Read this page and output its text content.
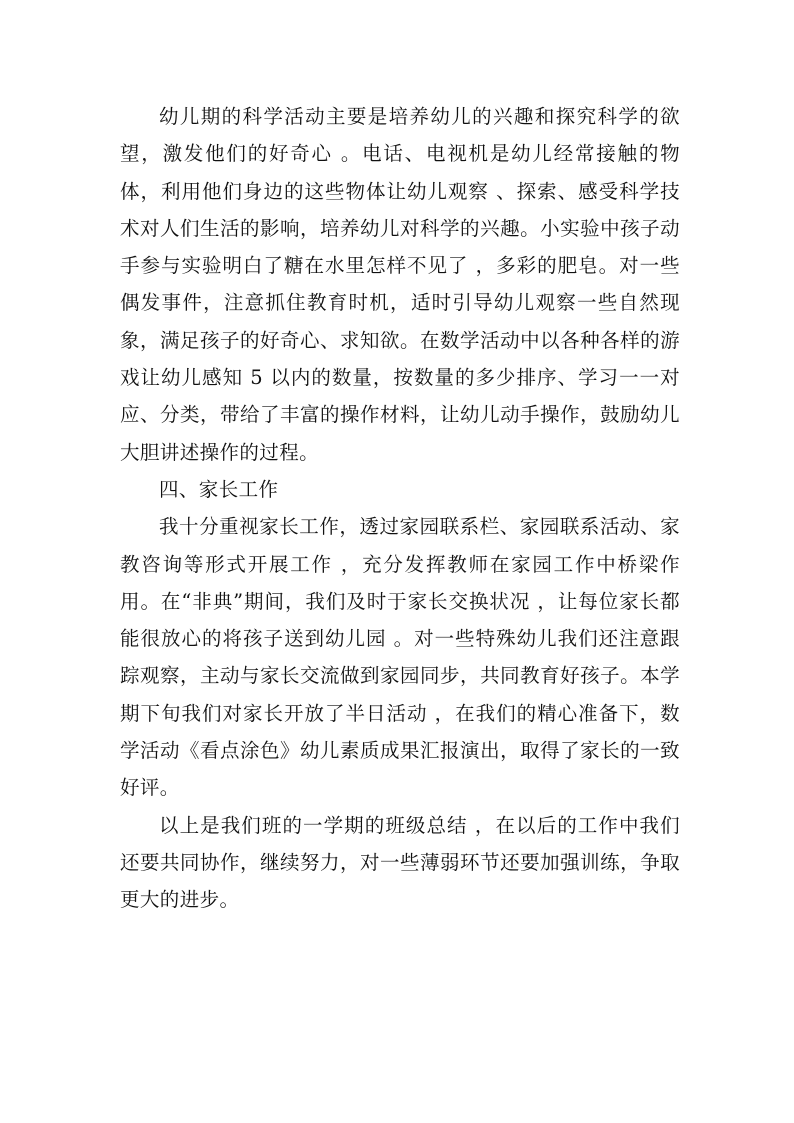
幼儿期的科学活动主要是培养幼儿的兴趣和探究科学的欲望，激发他们的好奇心 。电话、电视机是幼儿经常接触的物体，利用他们身边的这些物体让幼儿观察 、探索、感受科学技术对人们生活的影响，培养幼儿对科学的兴趣。小实验中孩子动手参与实验明白了糖在水里怎样不见了 ，多彩的肥皂。对一些偶发事件，注意抓住教育时机，适时引导幼儿观察一些自然现象，满足孩子的好奇心、求知欲。在数学活动中以各种各样的游戏让幼儿感知 5 以内的数量，按数量的多少排序、学习一一对应、分类，带给了丰富的操作材料，让幼儿动手操作，鼓励幼儿大胆讲述操作的过程。

四、家长工作

我十分重视家长工作，透过家园联系栏、家园联系活动、家教咨询等形式开展工作 ，充分发挥教师在家园工作中桥梁作用。在“非典”期间，我们及时于家长交换状况 ，让每位家长都能很放心的将孩子送到幼儿园 。对一些特殊幼儿我们还注意跟踪观察，主动与家长交流做到家园同步，共同教育好孩子。本学期下旬我们对家长开放了半日活动 ，在我们的精心准备下，数学活动《看点涂色》幼儿素质成果汇报演出，取得了家长的一致好评。

以上是我们班的一学期的班级总结 ，在以后的工作中我们还要共同协作，继续努力，对一些薄弱环节还要加强训练，争取更大的进步。
